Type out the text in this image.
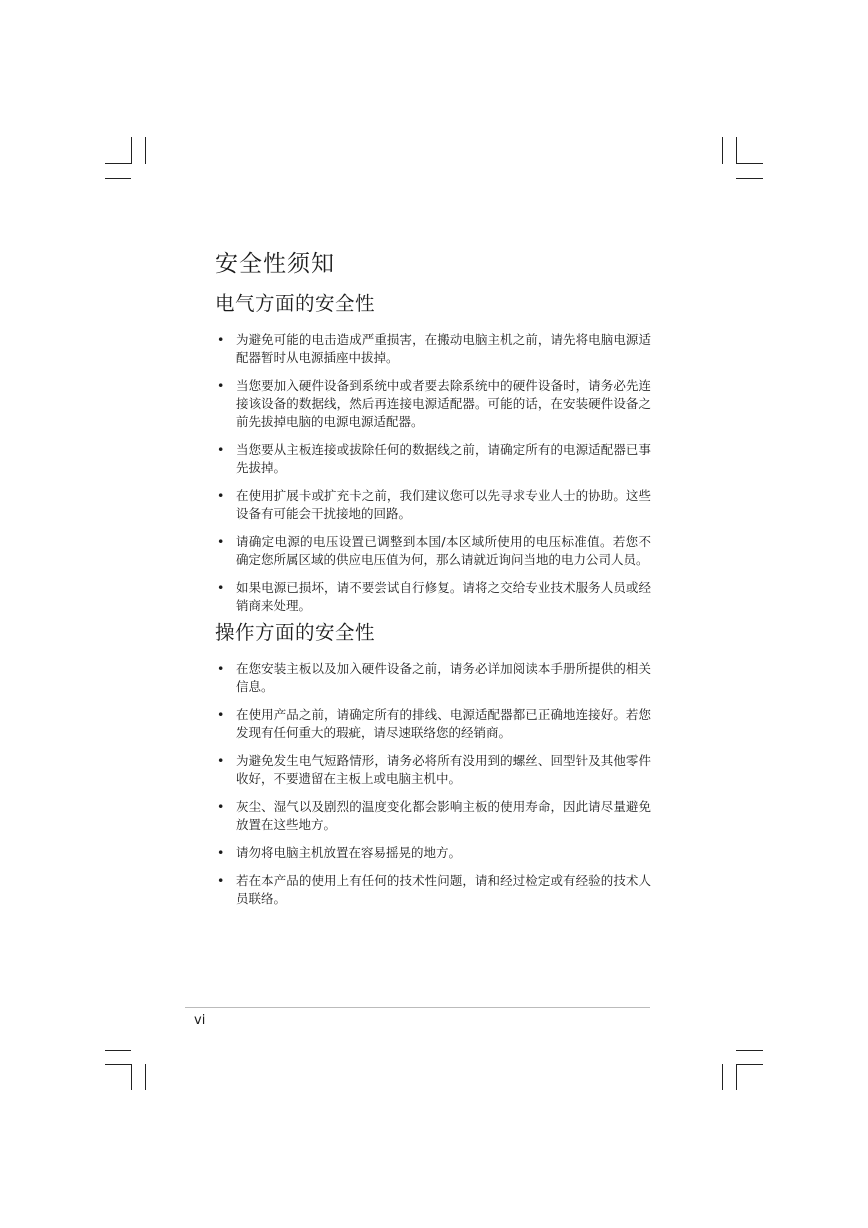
安全性须知
电气方面的安全性
• 为避免可能的电击造成严重损害，在搬动电脑主机之前，请先将电脑电源适配器暂时从电源插座中拔掉。
• 当您要加入硬件设备到系统中或者要去除系统中的硬件设备时，请务必先连接该设备的数据线，然后再连接电源适配器。可能的话，在安装硬件设备之前先拔掉电脑的电源电源适配器。
• 当您要从主板连接或拔除任何的数据线之前，请确定所有的电源适配器已事先拔掉。
• 在使用扩展卡或扩充卡之前，我们建议您可以先寻求专业人士的协助。这些设备有可能会干扰接地的回路。
• 请确定电源的电压设置已调整到本国/本区域所使用的电压标准值。若您不确定您所属区域的供应电压值为何，那么请就近询问当地的电力公司人员。
• 如果电源已损坏，请不要尝试自行修复。请将之交给专业技术服务人员或经销商来处理。
操作方面的安全性
• 在您安装主板以及加入硬件设备之前，请务必详加阅读本手册所提供的相关信息。
• 在使用产品之前，请确定所有的排线、电源适配器都已正确地连接好。若您发现有任何重大的瑕疵，请尽速联络您的经销商。
• 为避免发生电气短路情形，请务必将所有没用到的螺丝、回型针及其他零件收好，不要遗留在主板上或电脑主机中。
• 灰尘、湿气以及剧烈的温度变化都会影响主板的使用寿命，因此请尽量避免放置在这些地方。
• 请勿将电脑主机放置在容易摇晃的地方。
• 若在本产品的使用上有任何的技术性问题，请和经过检定或有经验的技术人员联络。
vi
